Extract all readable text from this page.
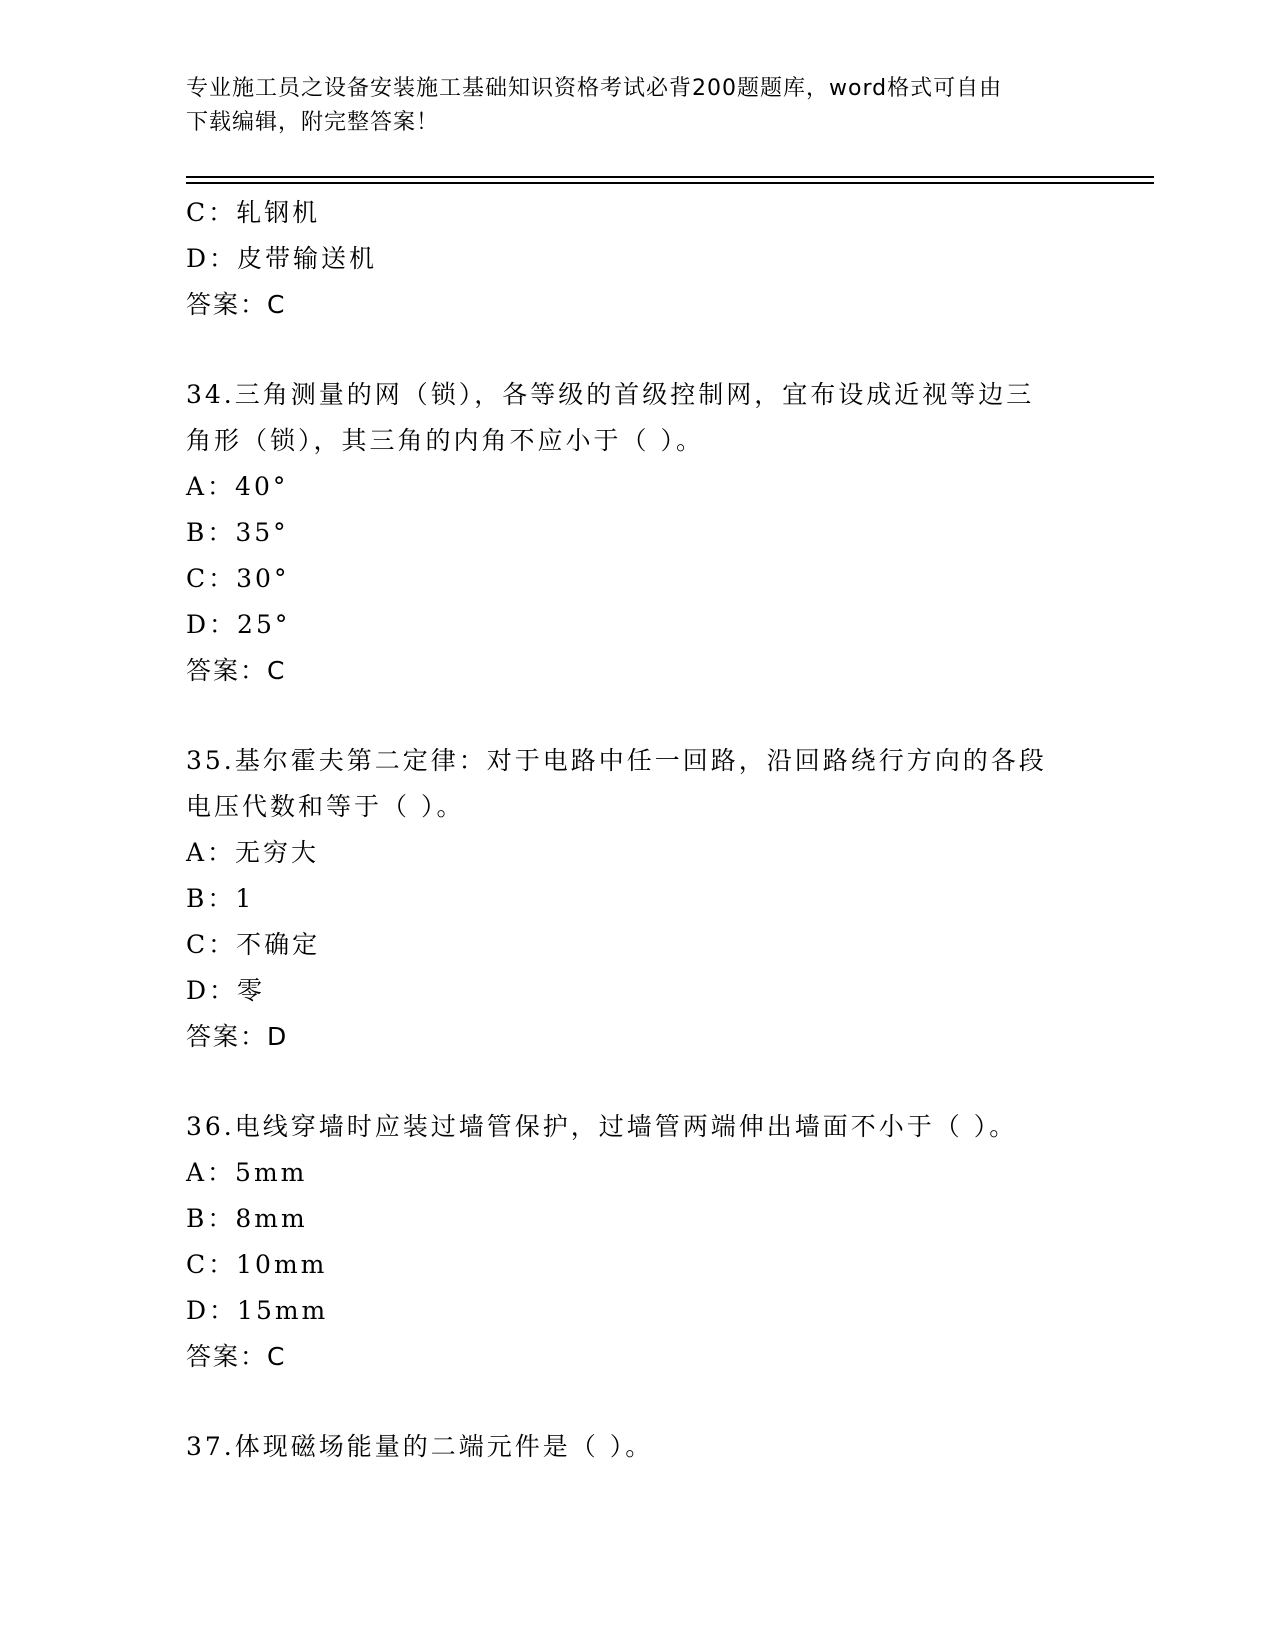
专业施工员之设备安装施工基础知识资格考试必背200题题库，word格式可自由
下载编辑，附完整答案！
C：轧钢机
D：皮带输送机
答案：C
34.三角测量的网（锁），各等级的首级控制网，宜布设成近视等边三
角形（锁），其三角的内角不应小于（ ）。
A：40°
B：35°
C：30°
D：25°
答案：C
35.基尔霍夫第二定律：对于电路中任一回路，沿回路绕行方向的各段
电压代数和等于（ ）。
A：无穷大
B：1
C：不确定
D：零
答案：D
36.电线穿墙时应装过墙管保护，过墙管两端伸出墙面不小于（ ）。
A：5mm
B：8mm
C：10mm
D：15mm
答案：C
37.体现磁场能量的二端元件是（ ）。
